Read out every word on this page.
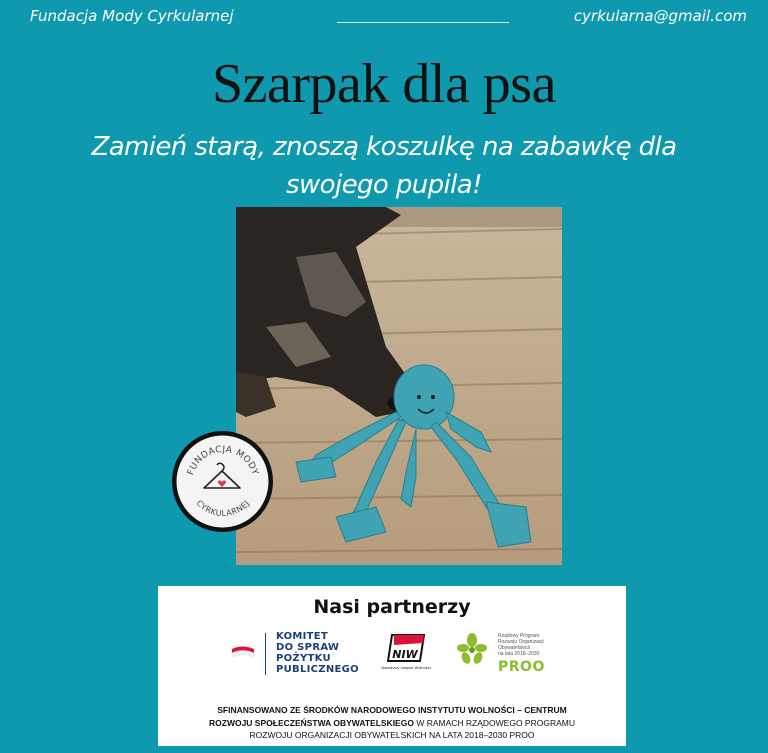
Fundacja Mody Cyrkularnej	cyrkularna@gmail.com
Szarpak dla psa
Zamień starą, znoszą koszulkę na zabawkę dla swojego pupila!
FUNDACJA MODY
CYRKULARNEJ
Nasi partnerzy
KOMITET
DO SPRAW
POŻYTKU
PUBLICZNEGO
NIW
Narodowy Instytut Wolności
Rządowy Program
Rozwoju Organizacji
Obywatelskich
na lata 2018–2030
PROO
SFINANSOWANO ZE ŚRODKÓW NARODOWEGO INSTYTUTU WOLNOŚCI – CENTRUM
ROZWOJU SPOŁECZEŃSTWA OBYWATELSKIEGO W RAMACH RZĄDOWEGO PROGRAMU
ROZWOJU ORGANIZACJI OBYWATELSKICH NA LATA 2018–2030 PROO
